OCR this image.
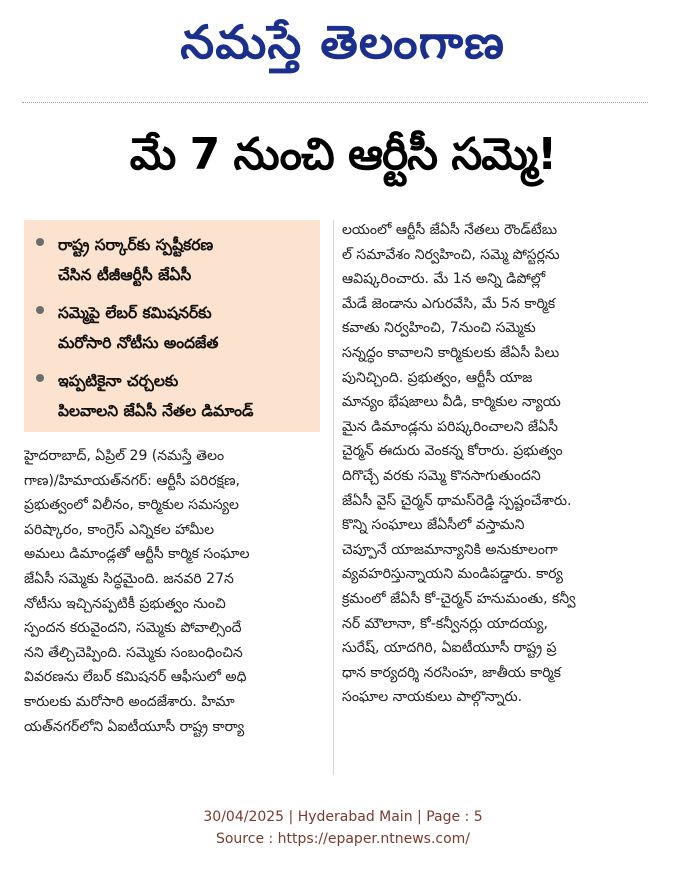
నమస్తే తెలంగాణ
మే 7 నుంచి ఆర్టీసీ సమ్మె!
రాష్ట్ర సర్కార్‌కు స్పష్టీకరణ
చేసిన టీజీఆర్టీసీ జేఏసీ
సమ్మెపై లేబర్ కమిషనర్‌కు
మరోసారి నోటీసు అందజేత
ఇప్పటికైనా చర్చలకు
పిలవాలని జేఏసీ నేతల డిమాండ్
హైదరాబాద్, ఏప్రిల్ 29 (నమస్తే తెలం
గాణ)/హిమాయత్‌నగర్: ఆర్టీసీ పరిరక్షణ,
ప్రభుత్వంలో విలీనం, కార్మికుల సమస్యల
పరిష్కారం, కాంగ్రెస్ ఎన్నికల హామీల
అమలు డిమాండ్లతో ఆర్టీసీ కార్మిక సంఘాల
జేఏసీ సమ్మెకు సిద్ధమైంది. జనవరి 27న
నోటీసు ఇచ్చినప్పటికీ ప్రభుత్వం నుంచి
స్పందన కరువైందని, సమ్మెకు పోవాల్సిందే
నని తేల్చిచెప్పింది. సమ్మెకు సంబంధించిన
వివరణను లేబర్ కమిషనర్ ఆఫీసులో అధి
కారులకు మరోసారి అందజేశారు. హిమా
యత్‌నగర్‌లోని ఏఐటీయూసీ రాష్ట్ర కార్యా
లయంలో ఆర్టీసీ జేఏసీ నేతలు రౌండ్‌టేబు
ల్ సమావేశం నిర్వహించి, సమ్మె పోస్టర్లను
ఆవిష్కరించారు. మే 1న అన్ని డిపోల్లో
మేడే జెండాను ఎగురవేసి, మే 5న కార్మిక
కవాతు నిర్వహించి, 7నుంచి సమ్మెకు
సన్నద్ధం కావాలని కార్మికులకు జేఏసీ పిలు
పునిచ్చింది. ప్రభుత్వం, ఆర్టీసీ యాజ
మాన్యం భేషజాలు వీడి, కార్మికుల న్యాయ
మైన డిమాండ్లను పరిష్కరించాలని జేఏసీ
చైర్మన్ ఈదురు వెంకన్న కోరారు. ప్రభుత్వం
దిగొచ్చే వరకు సమ్మె కొనసాగుతుందని
జేఏసీ వైస్ చైర్మన్ థామస్‌రెడ్డి స్పష్టంచేశారు.
కొన్ని సంఘాలు జేఏసీలో వస్తామని
చెప్పూనే యాజమాన్యానికి అనుకూలంగా
వ్యవహరిస్తున్నాయని మండిపడ్డారు. కార్య
క్రమంలో జేఏసీ కో-చైర్మన్ హనుమంతు, కన్వీ
నర్ మౌలానా, కో-కన్వీనర్లు యాదయ్య,
సురేష్, యాదగిరి, ఏఐటీయూసీ రాష్ట్ర ప్ర
ధాన కార్యదర్శి నరసింహ, జాతీయ కార్మిక
సంఘాల నాయకులు పాల్గొన్నారు.
30/04/2025 | Hyderabad Main | Page : 5
Source : https://epaper.ntnews.com/
